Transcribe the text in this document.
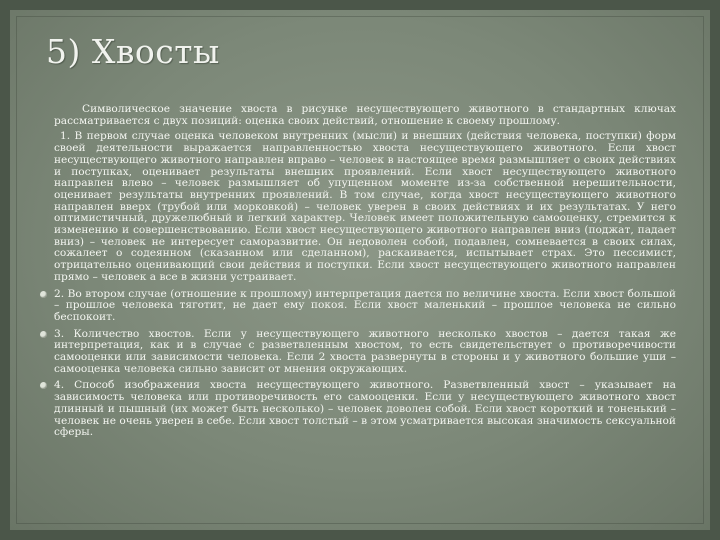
5) Хвосты

Символическое значение хвоста в рисунке несуществующего животного в стандартных ключах рассматривается с двух позиций: оценка своих действий, отношение к своему прошлому.

1. В первом случае оценка человеком внутренних (мысли) и внешних (действия человека, поступки) форм своей деятельности выражается направленностью хвоста несуществующего животного. Если хвост несуществующего животного направлен вправо – человек в настоящее время размышляет о своих действиях и поступках, оценивает результаты внешних проявлений. Если хвост несуществующего животного направлен влево – человек размышляет об упущенном моменте из-за собственной нерешительности, оценивает результаты внутренних проявлений. В том случае, когда хвост несуществующего животного направлен вверх (трубой или морковкой) – человек уверен в своих действиях и их результатах. У него оптимистичный, дружелюбный и легкий характер. Человек имеет положительную самооценку, стремится к изменению и совершенствованию. Если хвост несуществующего животного направлен вниз (поджат, падает вниз) – человек не интересует саморазвитие. Он недоволен собой, подавлен, сомневается в своих силах, сожалеет о содеянном (сказанном или сделанном), раскаивается, испытывает страх. Это пессимист, отрицательно оценивающий свои действия и поступки. Если хвост несуществующего животного направлен прямо – человек а все в жизни устраивает.
2. Во втором случае (отношение к прошлому) интерпретация дается по величине хвоста. Если хвост большой – прошлое человека тяготит, не дает ему покоя. Если хвост маленький – прошлое человека не сильно беспокоит.
3. Количество хвостов. Если у несуществующего животного несколько хвостов – дается такая же интерпретация, как и в случае с разветвленным хвостом, то есть свидетельствует о противоречивости самооценки или зависимости человека. Если 2 хвоста развернуты в стороны и у животного большие уши – самооценка человека сильно зависит от мнения окружающих.
4. Способ изображения хвоста несуществующего животного. Разветвленный хвост – указывает на зависимость человека или противоречивость его самооценки. Если у несуществующего животного хвост длинный и пышный (их может быть несколько) – человек доволен собой. Если хвост короткий и тоненький – человек не очень уверен в себе. Если хвост толстый – в этом усматривается высокая значимость сексуальной сферы.
